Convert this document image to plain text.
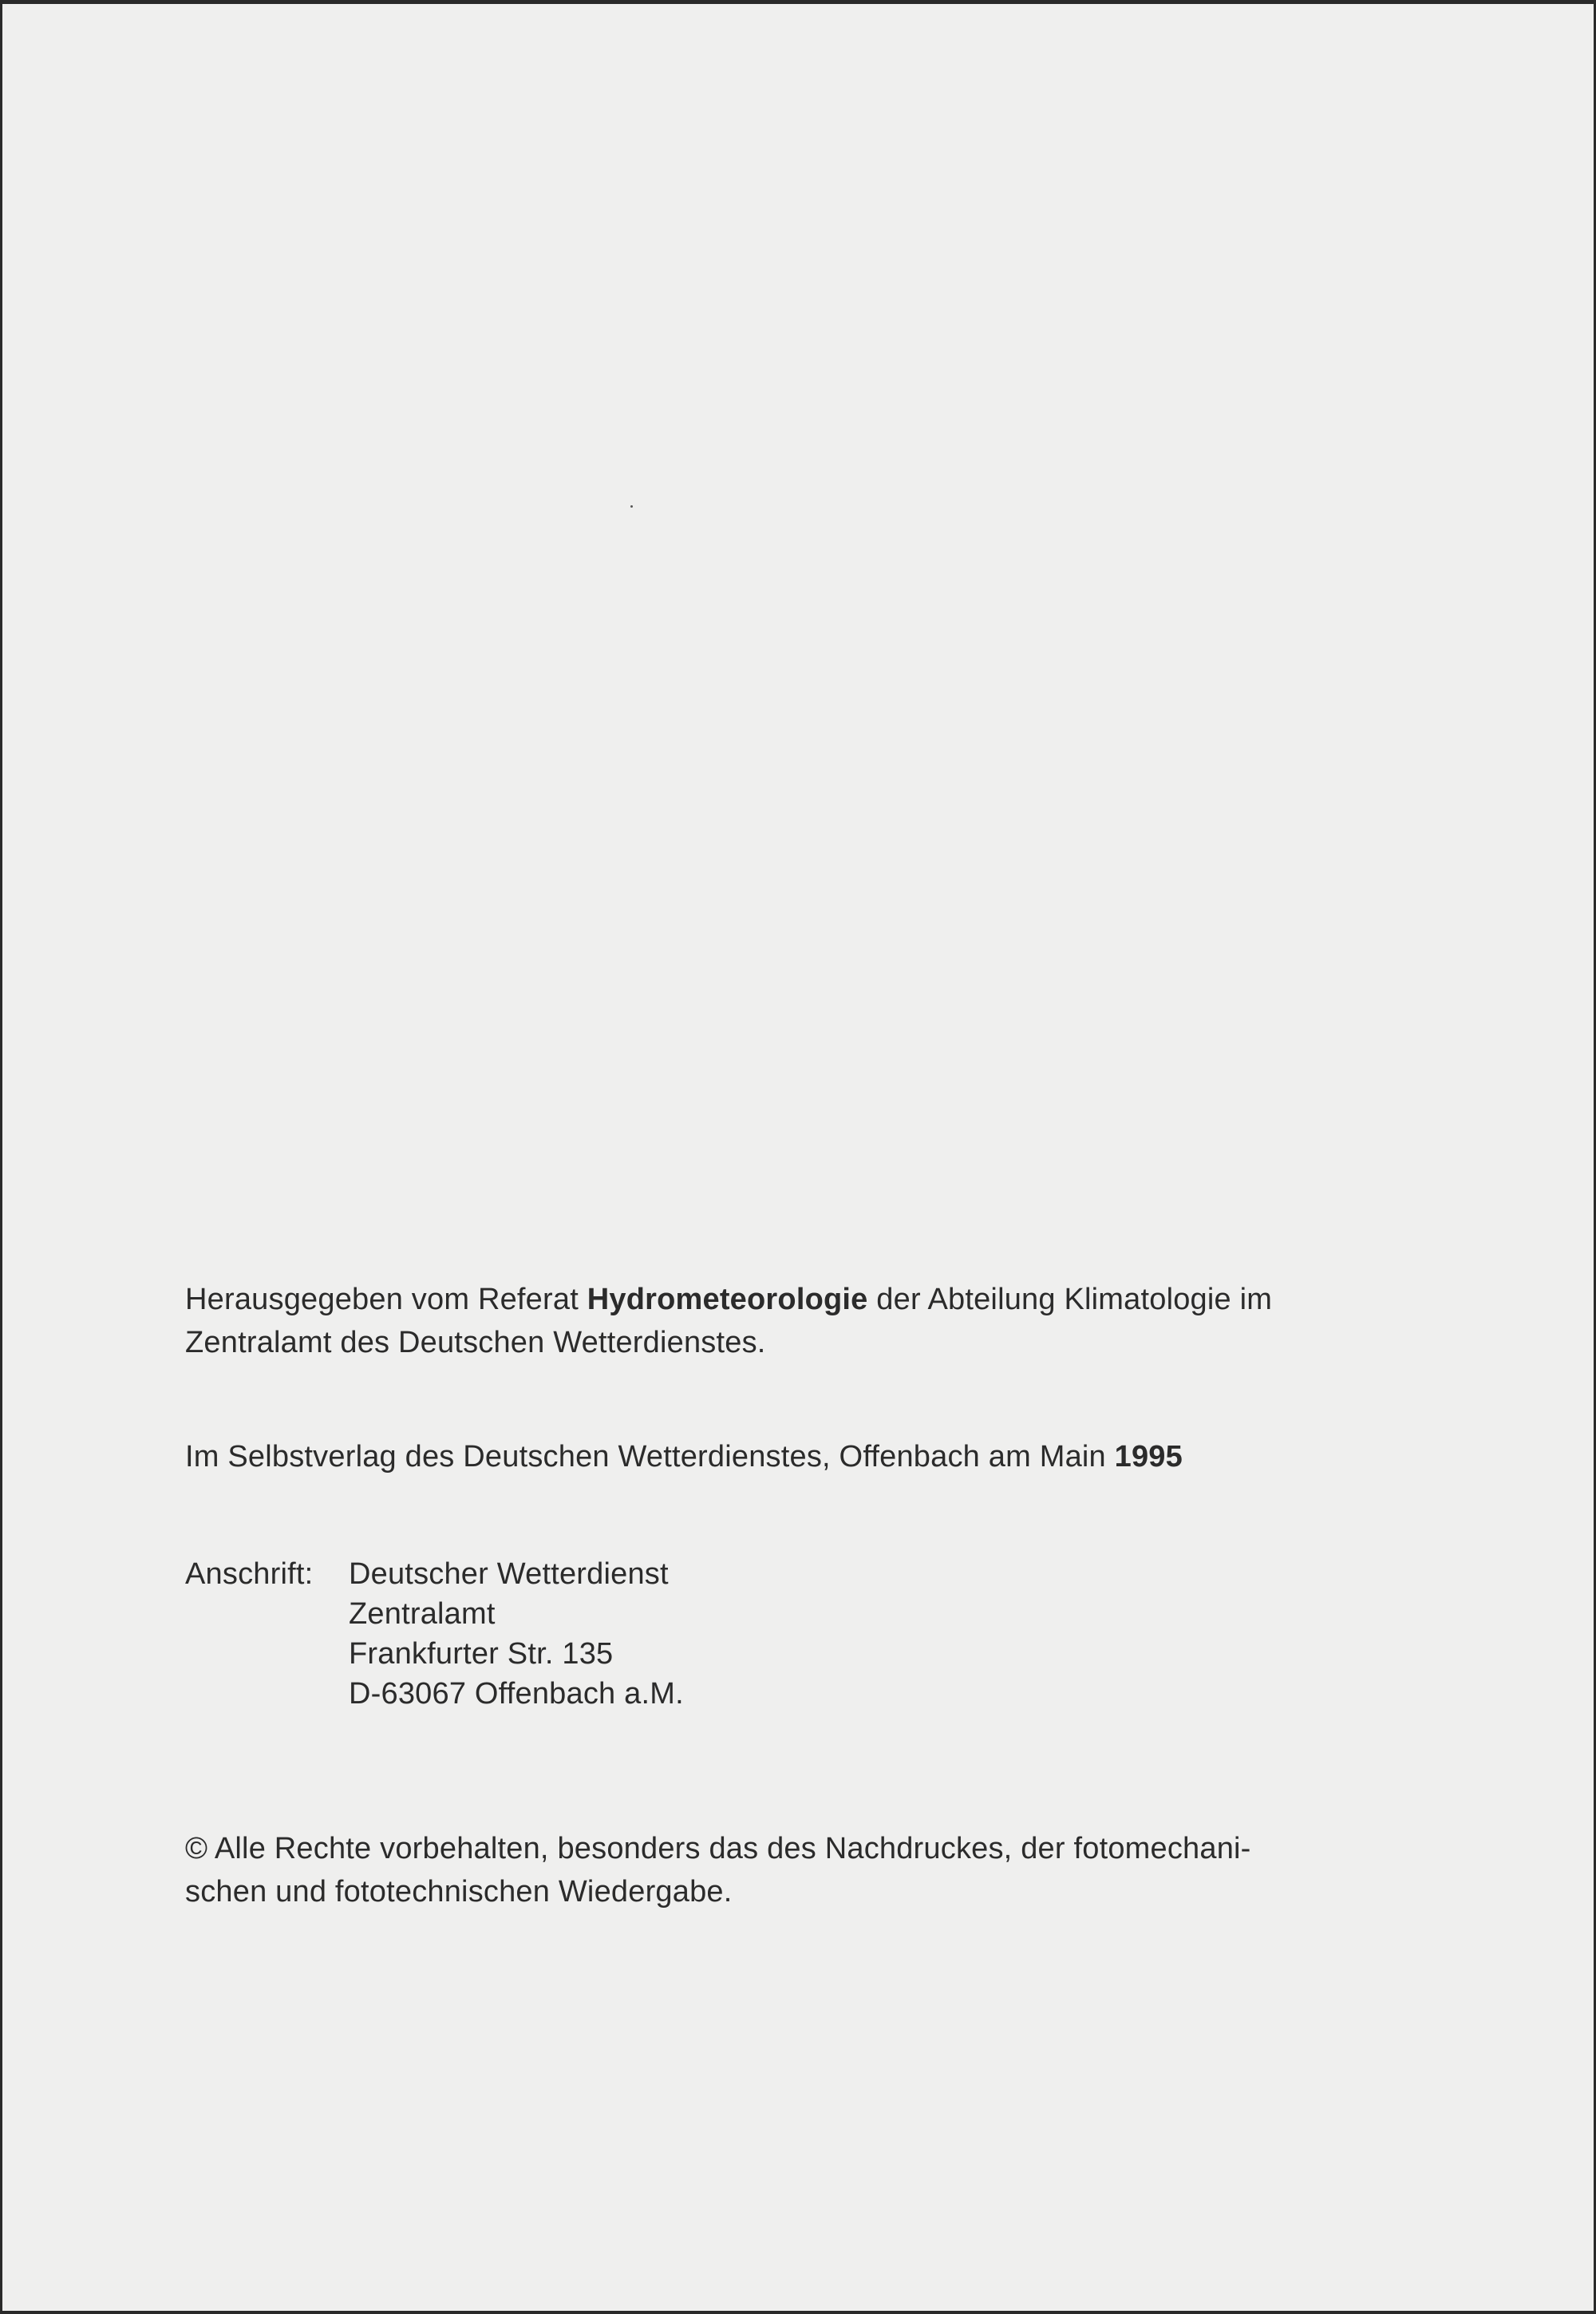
Herausgegeben vom Referat Hydrometeorologie der Abteilung Klimatologie im
Zentralamt des Deutschen Wetterdienstes.
Im Selbstverlag des Deutschen Wetterdienstes, Offenbach am Main 1995
Anschrift:	Deutscher Wetterdienst
Zentralamt
Frankfurter Str. 135
D-63067 Offenbach a.M.
© Alle Rechte vorbehalten, besonders das des Nachdruckes, der fotomechani-
schen und fototechnischen Wiedergabe.
